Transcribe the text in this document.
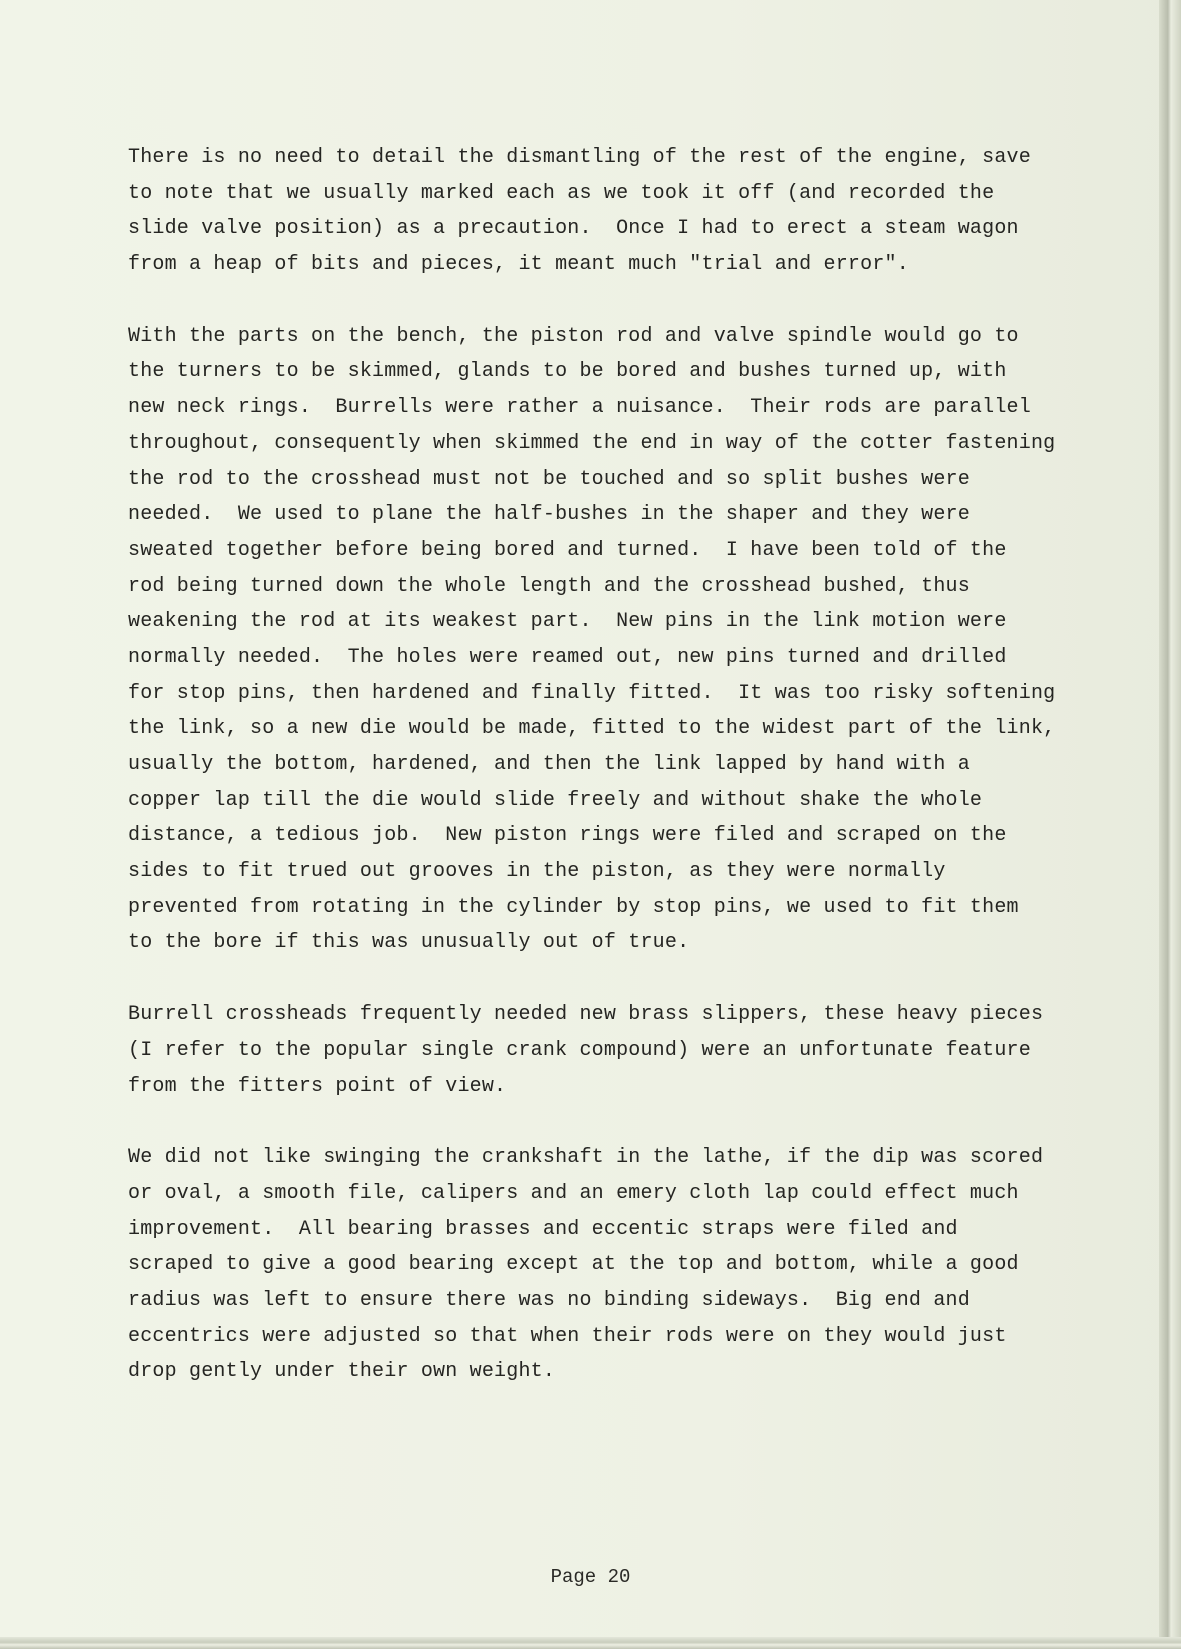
There is no need to detail the dismantling of the rest of the engine, save
to note that we usually marked each as we took it off (and recorded the
slide valve position) as a precaution.  Once I had to erect a steam wagon
from a heap of bits and pieces, it meant much "trial and error".
With the parts on the bench, the piston rod and valve spindle would go to
the turners to be skimmed, glands to be bored and bushes turned up, with
new neck rings.  Burrells were rather a nuisance.  Their rods are parallel
throughout, consequently when skimmed the end in way of the cotter fastening
the rod to the crosshead must not be touched and so split bushes were
needed.  We used to plane the half-bushes in the shaper and they were
sweated together before being bored and turned.  I have been told of the
rod being turned down the whole length and the crosshead bushed, thus
weakening the rod at its weakest part.  New pins in the link motion were
normally needed.  The holes were reamed out, new pins turned and drilled
for stop pins, then hardened and finally fitted.  It was too risky softening
the link, so a new die would be made, fitted to the widest part of the link,
usually the bottom, hardened, and then the link lapped by hand with a
copper lap till the die would slide freely and without shake the whole
distance, a tedious job.  New piston rings were filed and scraped on the
sides to fit trued out grooves in the piston, as they were normally
prevented from rotating in the cylinder by stop pins, we used to fit them
to the bore if this was unusually out of true.
Burrell crossheads frequently needed new brass slippers, these heavy pieces
(I refer to the popular single crank compound) were an unfortunate feature
from the fitters point of view.
We did not like swinging the crankshaft in the lathe, if the dip was scored
or oval, a smooth file, calipers and an emery cloth lap could effect much
improvement.  All bearing brasses and eccentic straps were filed and
scraped to give a good bearing except at the top and bottom, while a good
radius was left to ensure there was no binding sideways.  Big end and
eccentrics were adjusted so that when their rods were on they would just
drop gently under their own weight.
Page 20
